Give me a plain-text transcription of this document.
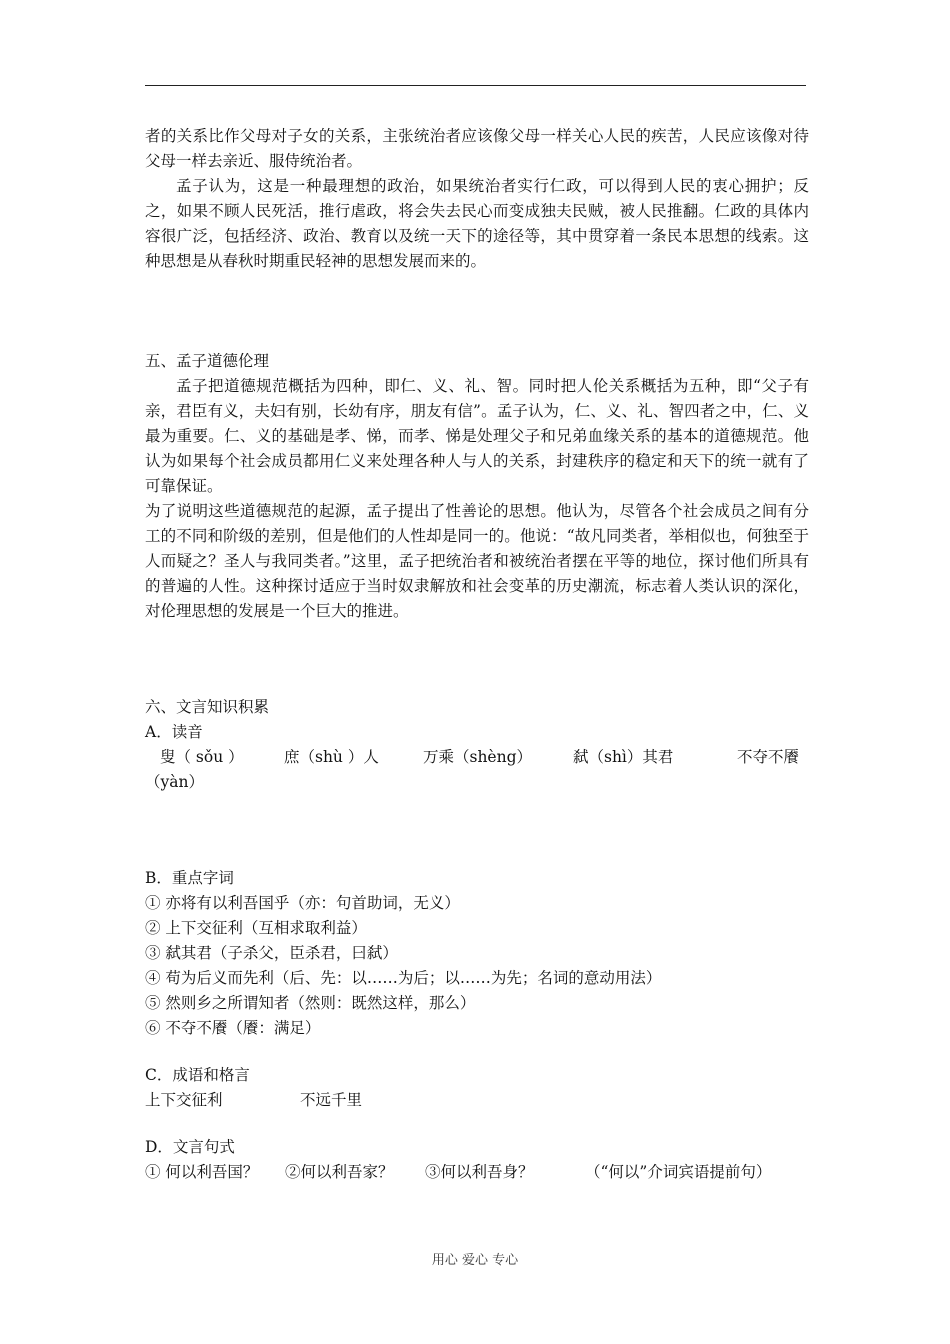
者的关系比作父母对子女的关系，主张统治者应该像父母一样关心人民的疾苦，人民应该像对待父母一样去亲近、服侍统治者。

孟子认为，这是一种最理想的政治，如果统治者实行仁政，可以得到人民的衷心拥护；反之，如果不顾人民死活，推行虐政，将会失去民心而变成独夫民贼，被人民推翻。仁政的具体内容很广泛，包括经济、政治、教育以及统一天下的途径等，其中贯穿着一条民本思想的线索。这种思想是从春秋时期重民轻神的思想发展而来的。

五、孟子道德伦理

孟子把道德规范概括为四种，即仁、义、礼、智。同时把人伦关系概括为五种，即“父子有亲，君臣有义，夫妇有别，长幼有序，朋友有信”。孟子认为，仁、义、礼、智四者之中，仁、义最为重要。仁、义的基础是孝、悌，而孝、悌是处理父子和兄弟血缘关系的基本的道德规范。他认为如果每个社会成员都用仁义来处理各种人与人的关系，封建秩序的稳定和天下的统一就有了可靠保证。

为了说明这些道德规范的起源，孟子提出了性善论的思想。他认为，尽管各个社会成员之间有分工的不同和阶级的差别，但是他们的人性却是同一的。他说：“故凡同类者，举相似也，何独至于人而疑之？圣人与我同类者。”这里，孟子把统治者和被统治者摆在平等的地位，探讨他们所具有的普遍的人性。这种探讨适应于当时奴隶解放和社会变革的历史潮流，标志着人类认识的深化，对伦理思想的发展是一个巨大的推进。

六、文言知识积累

A．读音

叟（ sǒu ）	庶（shù ）人	万乘（shèng）	弑（shì）其君	不夺不餍

（yàn）

B．重点字词

① 亦将有以利吾国乎（亦：句首助词，无义）

② 上下交征利（互相求取利益）

③ 弑其君（子杀父，臣杀君，曰弑）

④ 苟为后义而先利（后、先：以……为后；以……为先；名词的意动用法）

⑤ 然则乡之所谓知者（然则：既然这样，那么）

⑥ 不夺不餍（餍：满足）

C．成语和格言

上下交征利	不远千里

D．文言句式

① 何以利吾国？ ②何以利吾家？ ③何以利吾身？	（“何以”介词宾语提前句）
用心 爱心 专心
